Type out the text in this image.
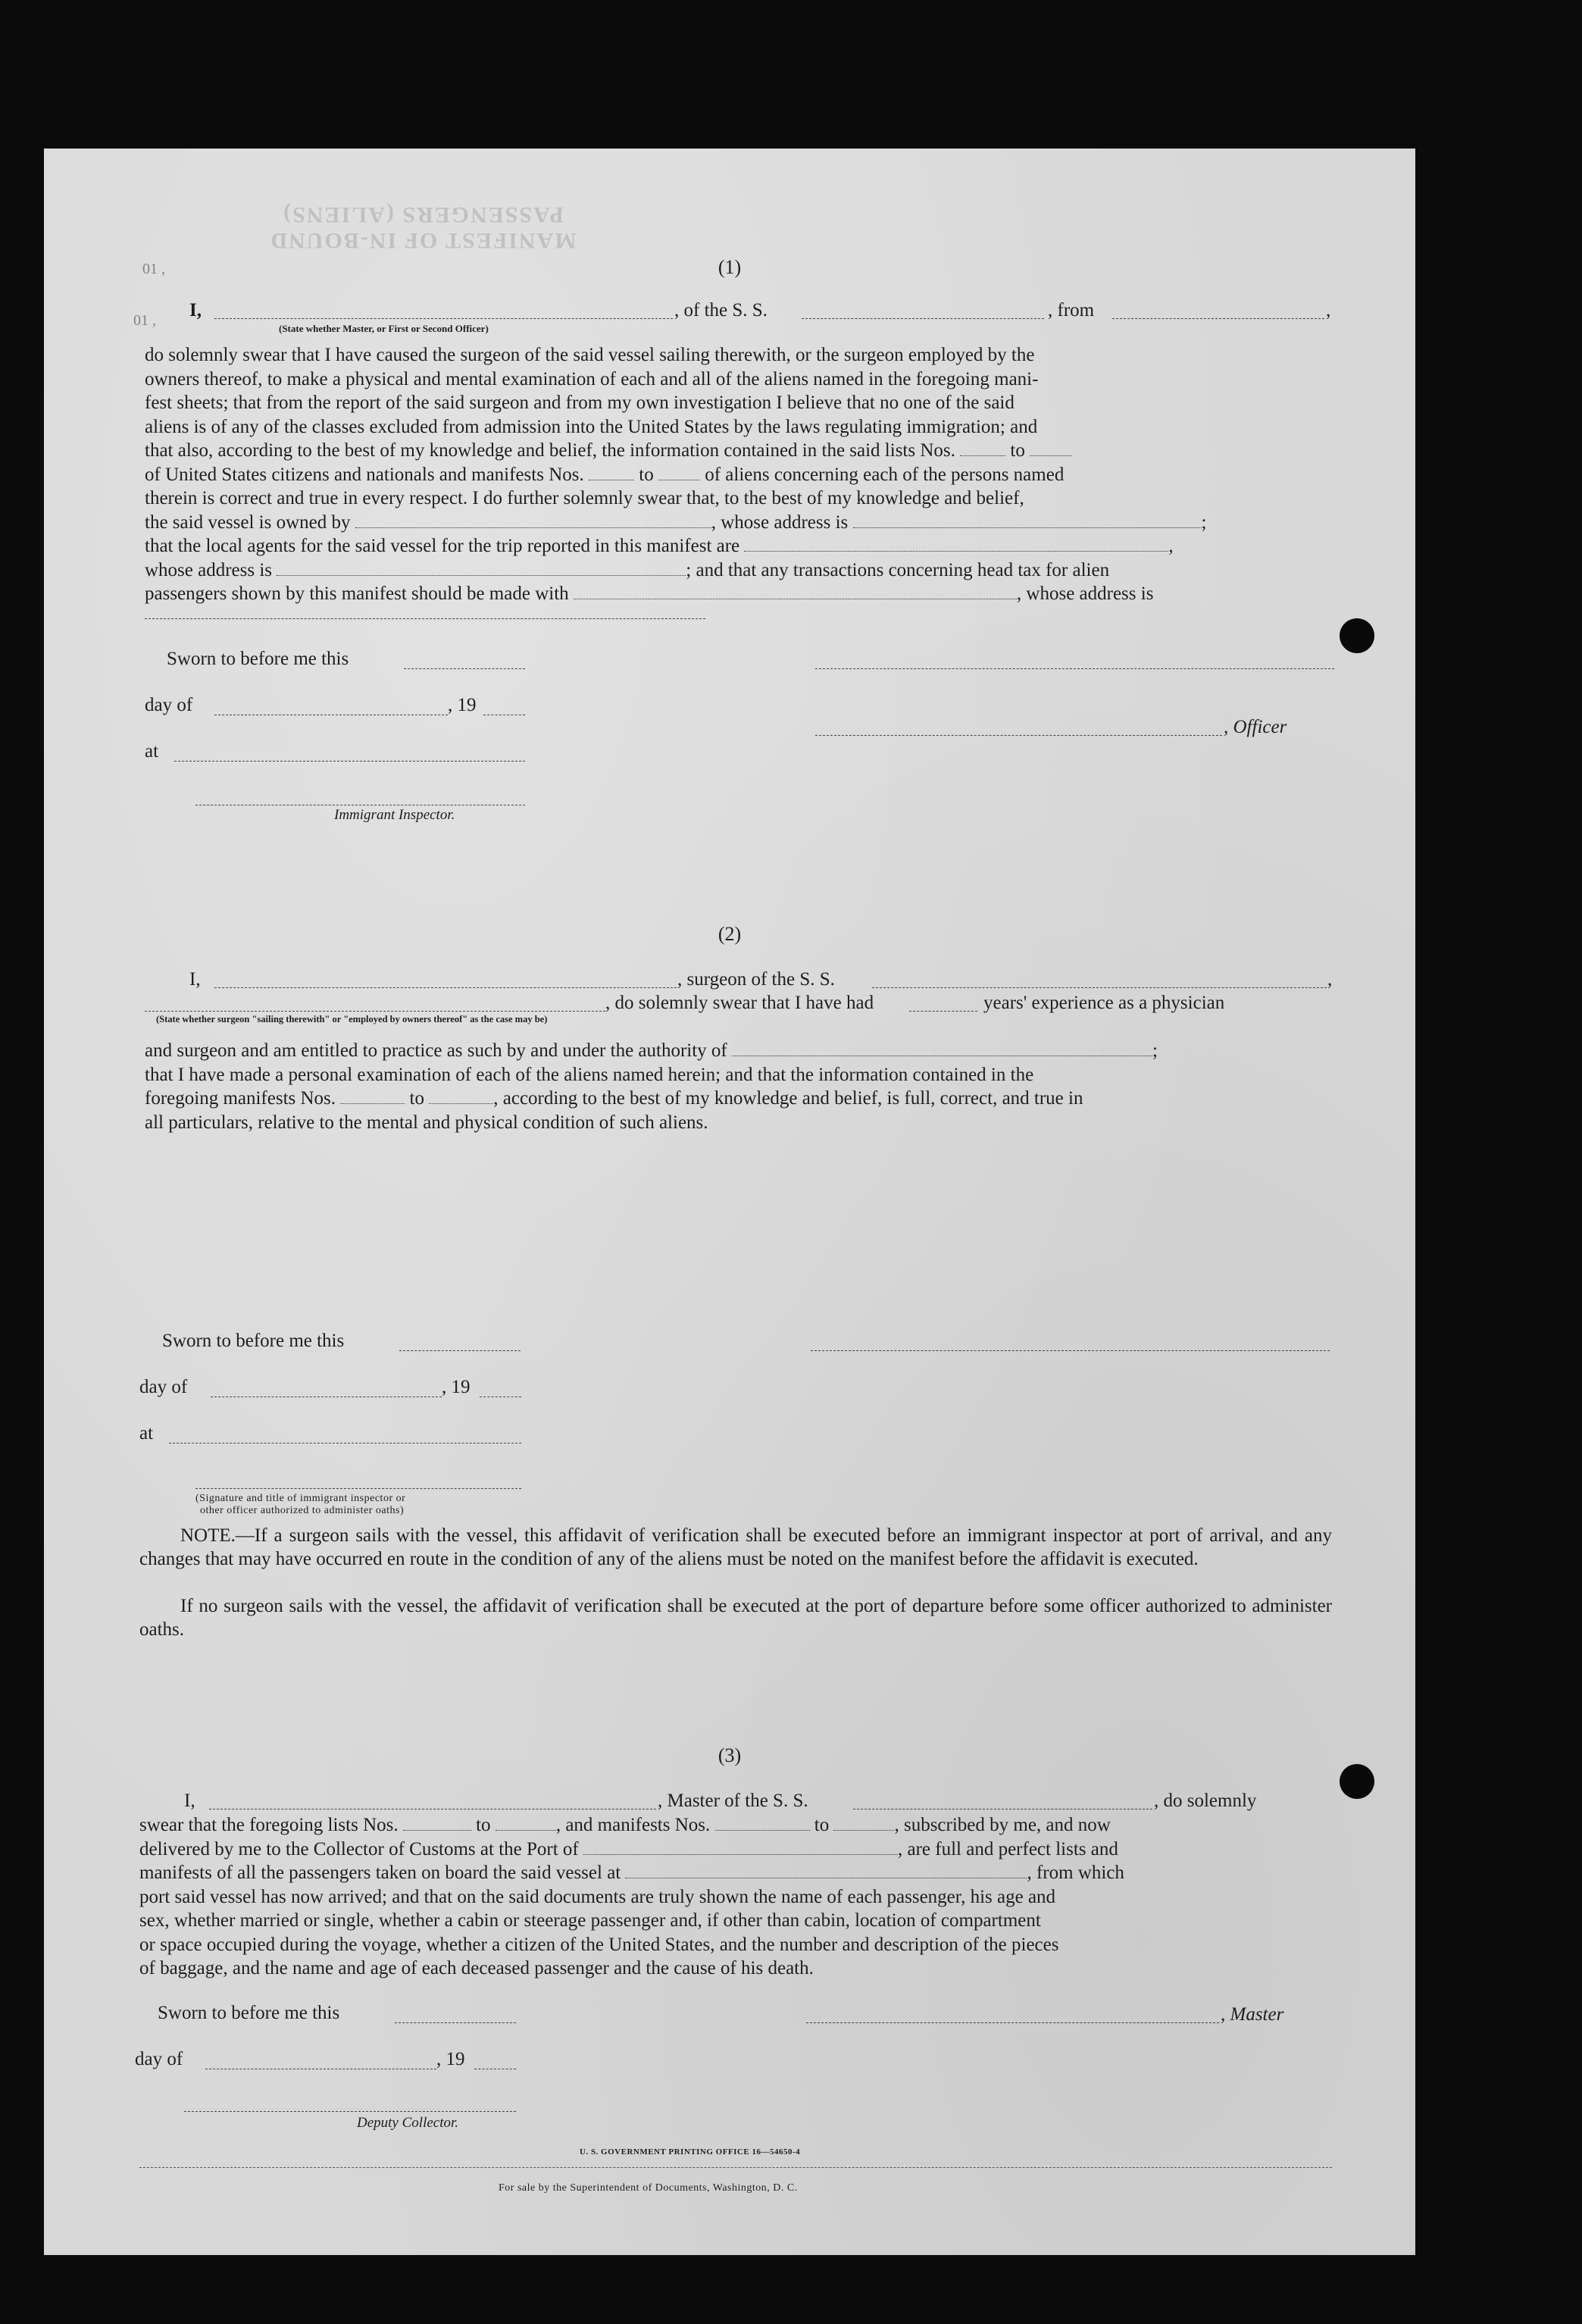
MANIFEST OF IN-BOUND PASSENGERS (ALIENS)
01 ,
01 ,
(1)
I,
(State whether Master, or First or Second Officer)
, of the S. S.	, from	,
do solemnly swear that I have caused the surgeon of the said vessel sailing therewith, or the surgeon employed by the
owners thereof, to make a physical and mental examination of each and all of the aliens named in the foregoing mani-
fest sheets; that from the report of the said surgeon and from my own investigation I believe that no one of the said
aliens is of any of the classes excluded from admission into the United States by the laws regulating immigration; and
that also, according to the best of my knowledge and belief, the information contained in the said lists Nos.	to
of United States citizens and nationals and manifests Nos.	to	of aliens concerning each of the persons named
therein is correct and true in every respect. I do further solemnly swear that, to the best of my knowledge and belief,
the said vessel is owned by	, whose address is	;
that the local agents for the said vessel for the trip reported in this manifest are	,
whose address is	; and that any transactions concerning head tax for alien
passengers shown by this manifest should be made with	, whose address is
Sworn to before me this
day of	, 19
, Officer
at
Immigrant Inspector.
(2)
I,	, surgeon of the S. S.	,
, do solemnly swear that I have had	years' experience as a physician
(State whether surgeon "sailing therewith" or "employed by owners thereof" as the case may be)
and surgeon and am entitled to practice as such by and under the authority of	;
that I have made a personal examination of each of the aliens named herein; and that the information contained in the
foregoing manifests Nos.	to	, according to the best of my knowledge and belief, is full, correct, and true in
all particulars, relative to the mental and physical condition of such aliens.
Sworn to before me this
day of	, 19
at
(Signature and title of immigrant inspector or
other officer authorized to administer oaths)
NOTE.—If a surgeon sails with the vessel, this affidavit of verification shall be executed before an immigrant inspector at port of arrival, and any changes that may have occurred en route in the condition of any of the aliens must be noted on the manifest before the affidavit is executed.
If no surgeon sails with the vessel, the affidavit of verification shall be executed at the port of departure before some officer authorized to administer oaths.
(3)
I,	, Master of the S. S.	, do solemnly
swear that the foregoing lists Nos.	to	, and manifests Nos.	to	, subscribed by me, and now
delivered by me to the Collector of Customs at the Port of	, are full and perfect lists and
manifests of all the passengers taken on board the said vessel at	, from which
port said vessel has now arrived; and that on the said documents are truly shown the name of each passenger, his age and
sex, whether married or single, whether a cabin or steerage passenger and, if other than cabin, location of compartment
or space occupied during the voyage, whether a citizen of the United States, and the number and description of the pieces
of baggage, and the name and age of each deceased passenger and the cause of his death.
Sworn to before me this	, Master
day of	, 19
Deputy Collector.
U. S. GOVERNMENT PRINTING OFFICE 16—54650-4
For sale by the Superintendent of Documents, Washington, D. C.
